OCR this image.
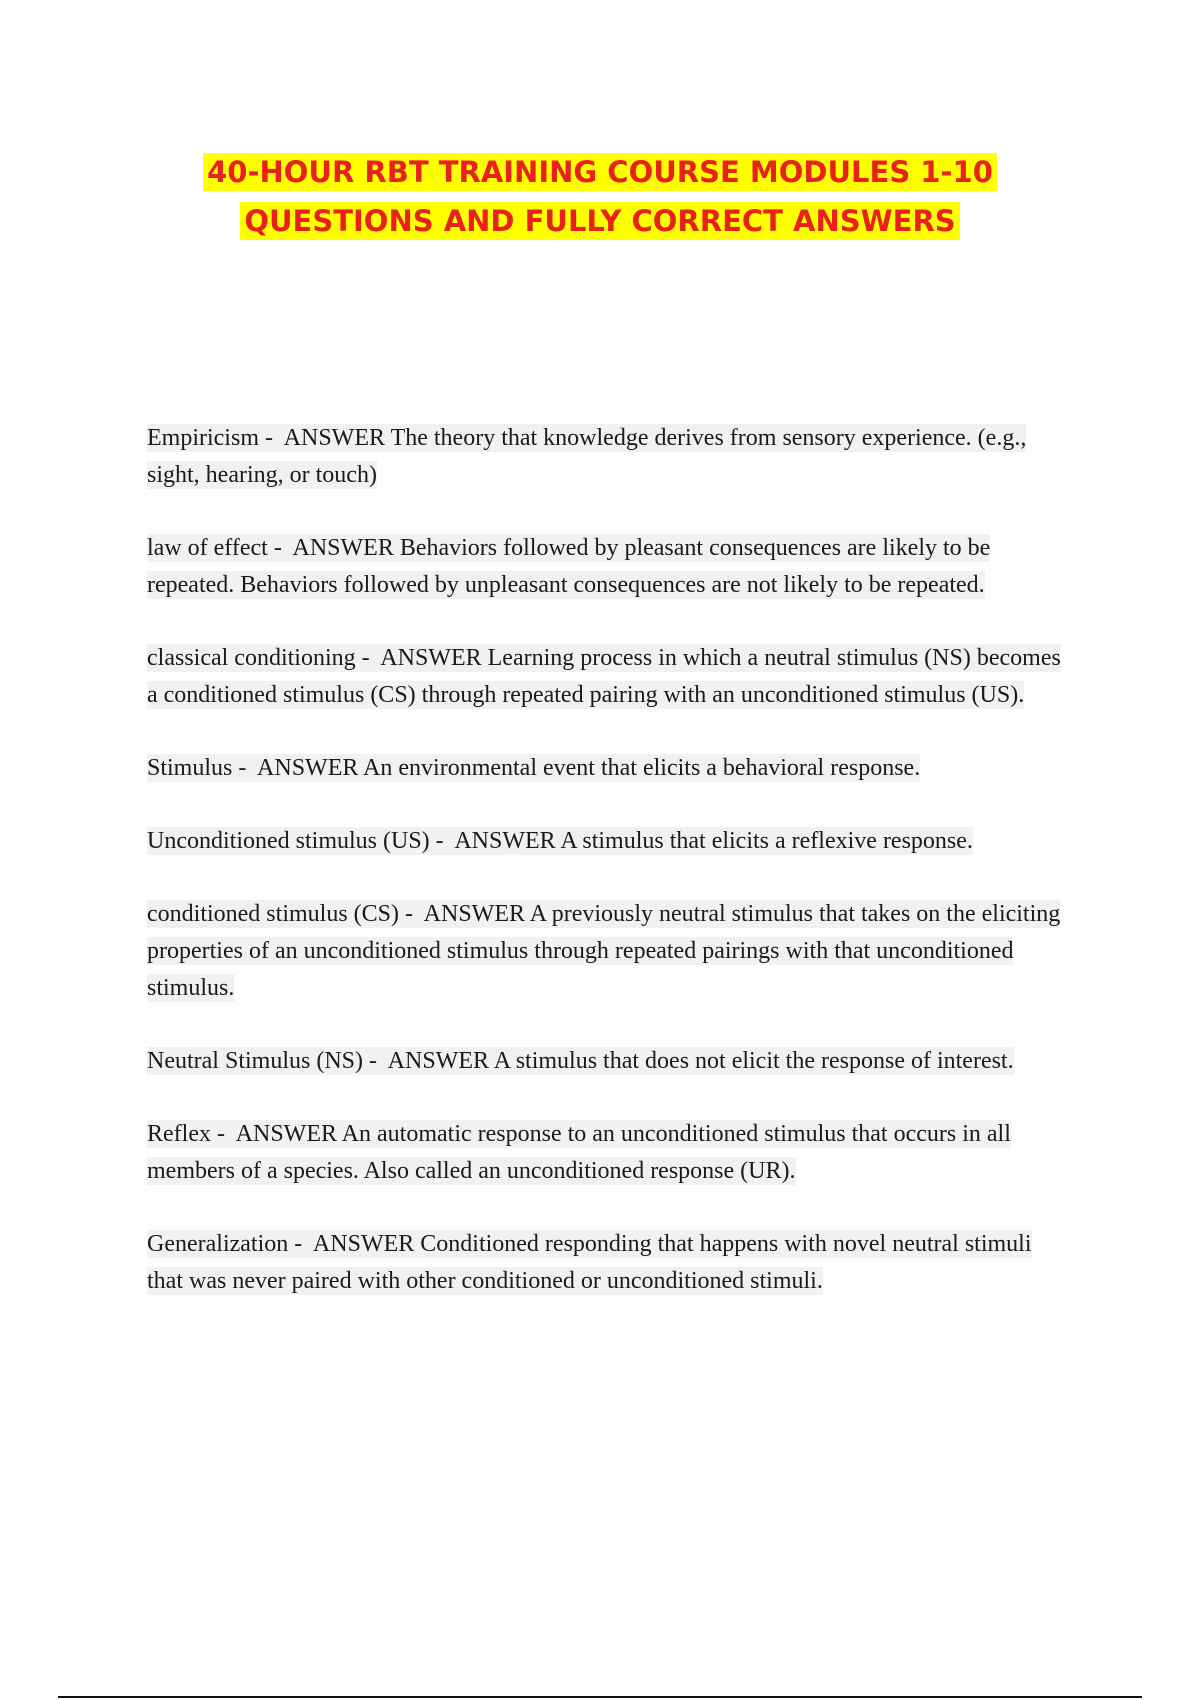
40-HOUR RBT TRAINING COURSE MODULES 1-10
QUESTIONS AND FULLY CORRECT ANSWERS

Empiricism -  ANSWER The theory that knowledge derives from sensory experience. (e.g., sight, hearing, or touch)

law of effect -  ANSWER Behaviors followed by pleasant consequences are likely to be repeated. Behaviors followed by unpleasant consequences are not likely to be repeated.

classical conditioning -  ANSWER Learning process in which a neutral stimulus (NS) becomes a conditioned stimulus (CS) through repeated pairing with an unconditioned stimulus (US).

Stimulus -  ANSWER An environmental event that elicits a behavioral response.

Unconditioned stimulus (US) -  ANSWER A stimulus that elicits a reflexive response.

conditioned stimulus (CS) -  ANSWER A previously neutral stimulus that takes on the eliciting properties of an unconditioned stimulus through repeated pairings with that unconditioned stimulus.

Neutral Stimulus (NS) -  ANSWER A stimulus that does not elicit the response of interest.

Reflex -  ANSWER An automatic response to an unconditioned stimulus that occurs in all members of a species. Also called an unconditioned response (UR).

Generalization -  ANSWER Conditioned responding that happens with novel neutral stimuli that was never paired with other conditioned or unconditioned stimuli.
